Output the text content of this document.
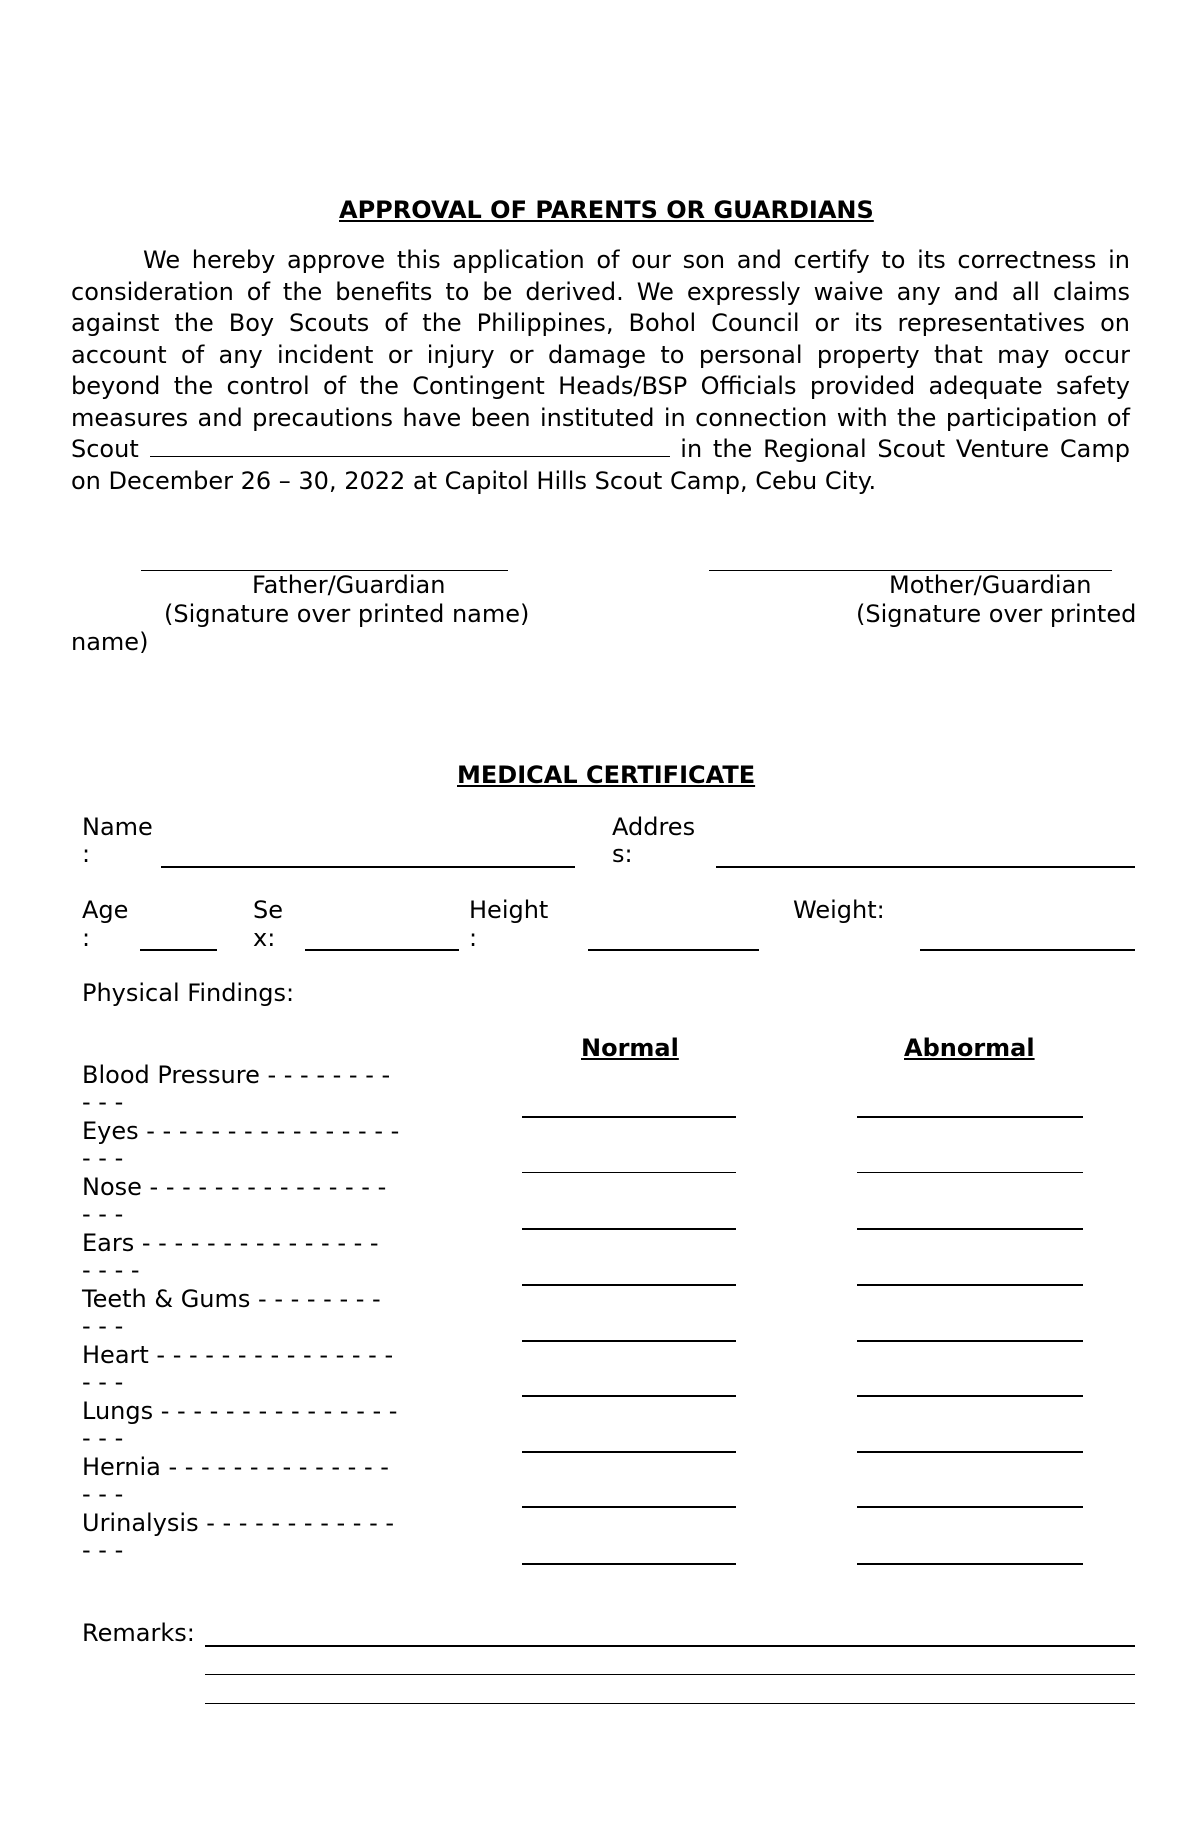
APPROVAL OF PARENTS OR GUARDIANS
We hereby approve this application of our son and certify to its correctness in consideration of the benefits to be derived. We expressly waive any and all claims against the Boy Scouts of the Philippines, Bohol Council or its representatives on account of any incident or injury or damage to personal property that may occur beyond the control of the Contingent Heads/BSP Officials provided adequate safety measures and precautions have been instituted in connection with the participation of Scout	in the Regional Scout Venture Camp on December 26 – 30, 2022 at Capitol Hills Scout Camp, Cebu City.
Father/Guardian
(Signature over printed name)
Mother/Guardian
(Signature over printed
name)
MEDICAL CERTIFICATE
Name
:
Addres
s:
Age
:
Se
x:
Height
:
Weight:
Physical Findings:
Normal	Abnormal
Blood Pressure - - - - - - - -
- - -
Eyes - - - - - - - - - - - - - - - -
- - -
Nose - - - - - - - - - - - - - - -
- - -
Ears - - - - - - - - - - - - - - -
- - - -
Teeth & Gums - - - - - - - -
- - -
Heart - - - - - - - - - - - - - - -
- - -
Lungs - - - - - - - - - - - - - - -
- - -
Hernia - - - - - - - - - - - - - -
- - -
Urinalysis - - - - - - - - - - - -
- - -
Remarks:
